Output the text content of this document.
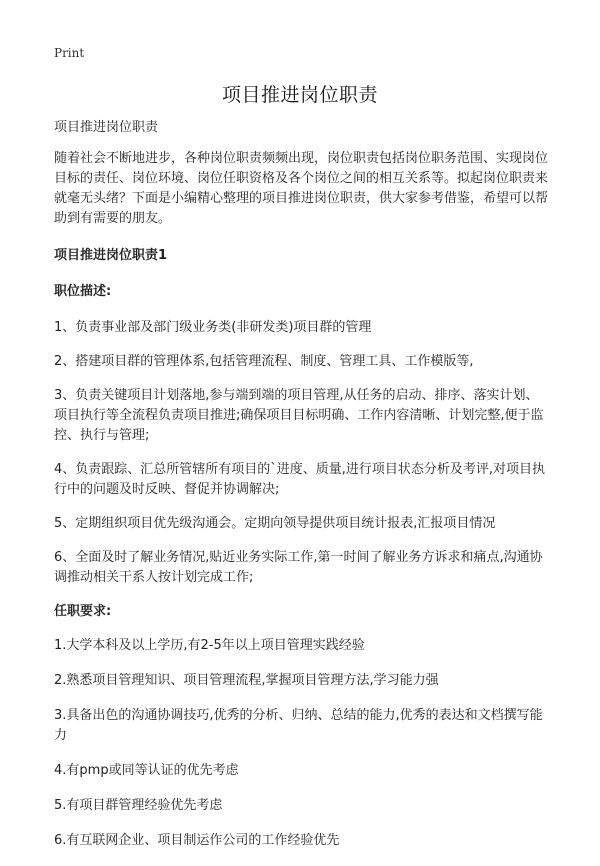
Print
项目推进岗位职责

项目推进岗位职责

随着社会不断地进步，各种岗位职责频频出现，岗位职责包括岗位职务范围、实现岗位目标的责任、岗位环境、岗位任职资格及各个岗位之间的相互关系等。拟起岗位职责来就毫无头绪？下面是小编精心整理的项目推进岗位职责，供大家参考借鉴，希望可以帮助到有需要的朋友。

项目推进岗位职责1

职位描述:

1、负责事业部及部门级业务类(非研发类)项目群的管理

2、搭建项目群的管理体系,包括管理流程、制度、管理工具、工作模版等,

3、负责关键项目计划落地,参与端到端的项目管理,从任务的启动、排序、落实计划、项目执行等全流程负责项目推进;确保项目目标明确、工作内容清晰、计划完整,便于监控、执行与管理;

4、负责跟踪、汇总所管辖所有项目的`进度、质量,进行项目状态分析及考评,对项目执行中的问题及时反映、督促并协调解决;

5、定期组织项目优先级沟通会。定期向领导提供项目统计报表,汇报项目情况

6、全面及时了解业务情况,贴近业务实际工作,第一时间了解业务方诉求和痛点,沟通协调推动相关干系人按计划完成工作;

任职要求:

1.大学本科及以上学历,有2-5年以上项目管理实践经验

2.熟悉项目管理知识、项目管理流程,掌握项目管理方法,学习能力强

3.具备出色的沟通协调技巧,优秀的分析、归纳、总结的能力,优秀的表达和文档撰写能力

4.有pmp或同等认证的优先考虑

5.有项目群管理经验优先考虑

6.有互联网企业、项目制运作公司的工作经验优先
